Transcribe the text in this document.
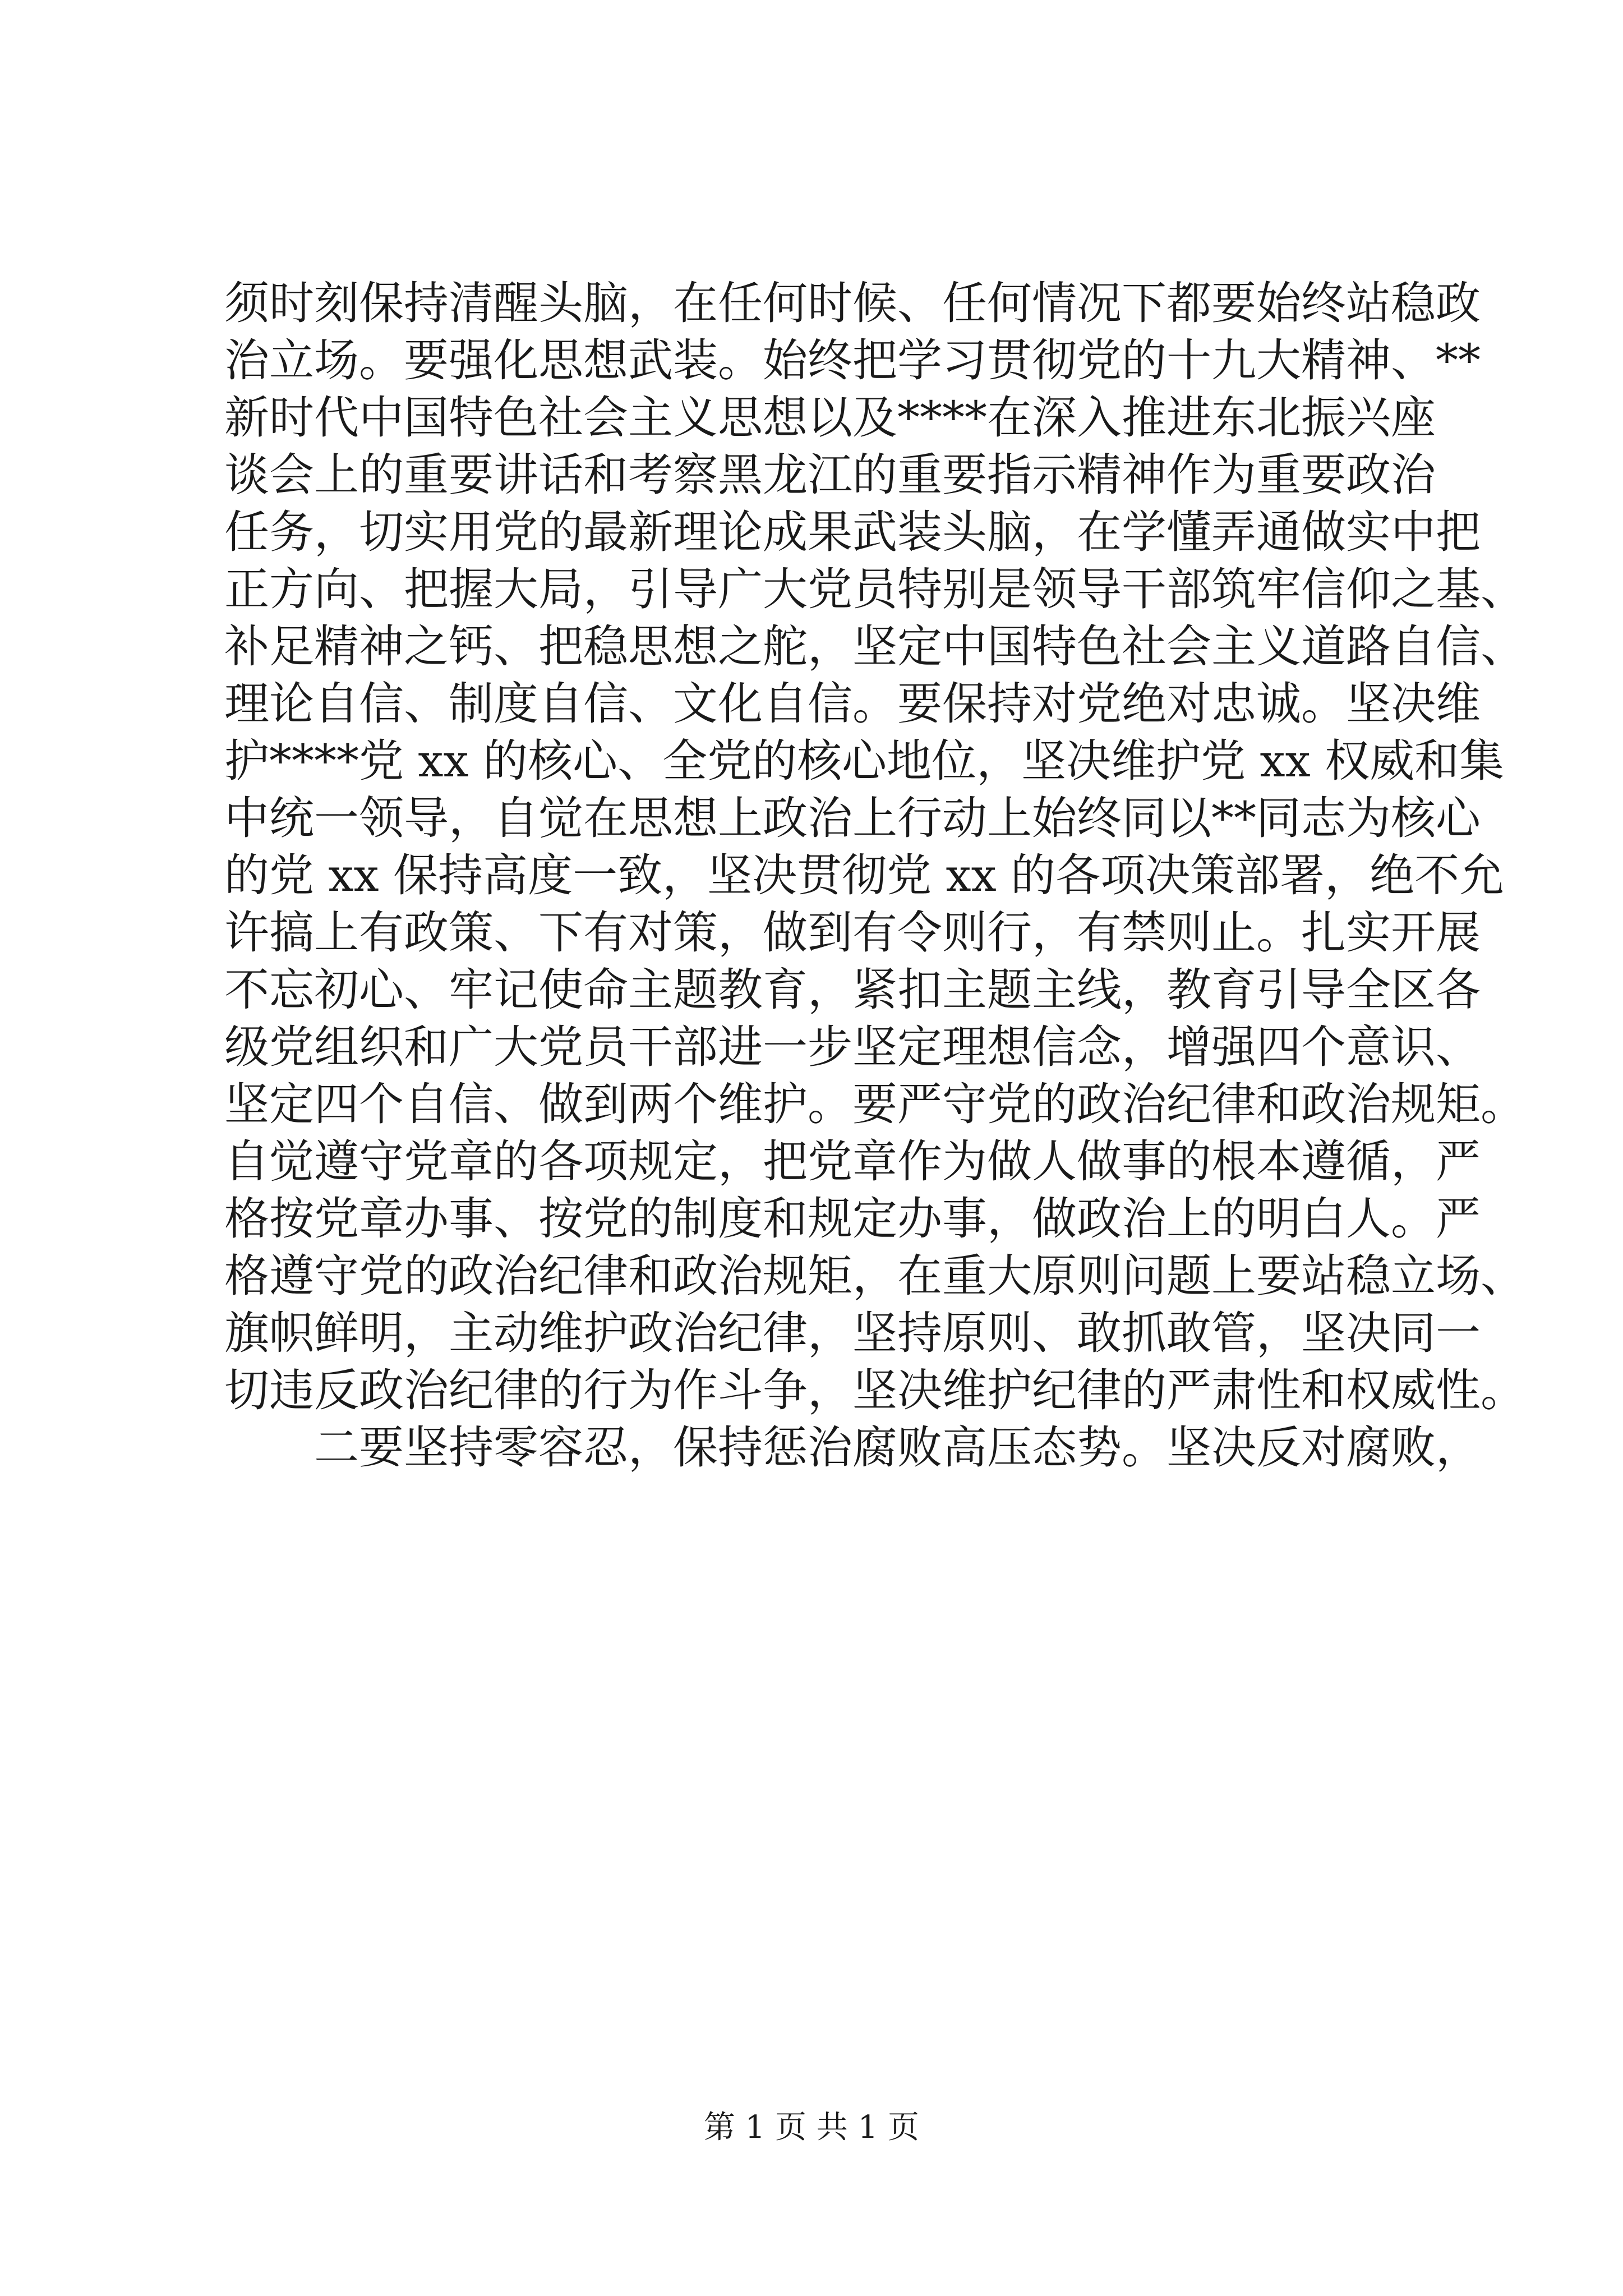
须时刻保持清醒头脑，在任何时候、任何情况下都要始终站稳政
治立场。要强化思想武装。始终把学习贯彻党的十九大精神、**
新时代中国特色社会主义思想以及****在深入推进东北振兴座
谈会上的重要讲话和考察黑龙江的重要指示精神作为重要政治
任务，切实用党的最新理论成果武装头脑，在学懂弄通做实中把
正方向、把握大局，引导广大党员特别是领导干部筑牢信仰之基、
补足精神之钙、把稳思想之舵，坚定中国特色社会主义道路自信、
理论自信、制度自信、文化自信。要保持对党绝对忠诚。坚决维
护****党 xx 的核心、全党的核心地位，坚决维护党 xx 权威和集
中统一领导，自觉在思想上政治上行动上始终同以**同志为核心
的党 xx 保持高度一致，坚决贯彻党 xx 的各项决策部署，绝不允
许搞上有政策、下有对策，做到有令则行，有禁则止。扎实开展
不忘初心、牢记使命主题教育，紧扣主题主线，教育引导全区各
级党组织和广大党员干部进一步坚定理想信念，增强四个意识、
坚定四个自信、做到两个维护。要严守党的政治纪律和政治规矩。
自觉遵守党章的各项规定，把党章作为做人做事的根本遵循，严
格按党章办事、按党的制度和规定办事，做政治上的明白人。严
格遵守党的政治纪律和政治规矩，在重大原则问题上要站稳立场、
旗帜鲜明，主动维护政治纪律，坚持原则、敢抓敢管，坚决同一
切违反政治纪律的行为作斗争，坚决维护纪律的严肃性和权威性。
二要坚持零容忍，保持惩治腐败高压态势。坚决反对腐败，
第 1 页 共 1 页
